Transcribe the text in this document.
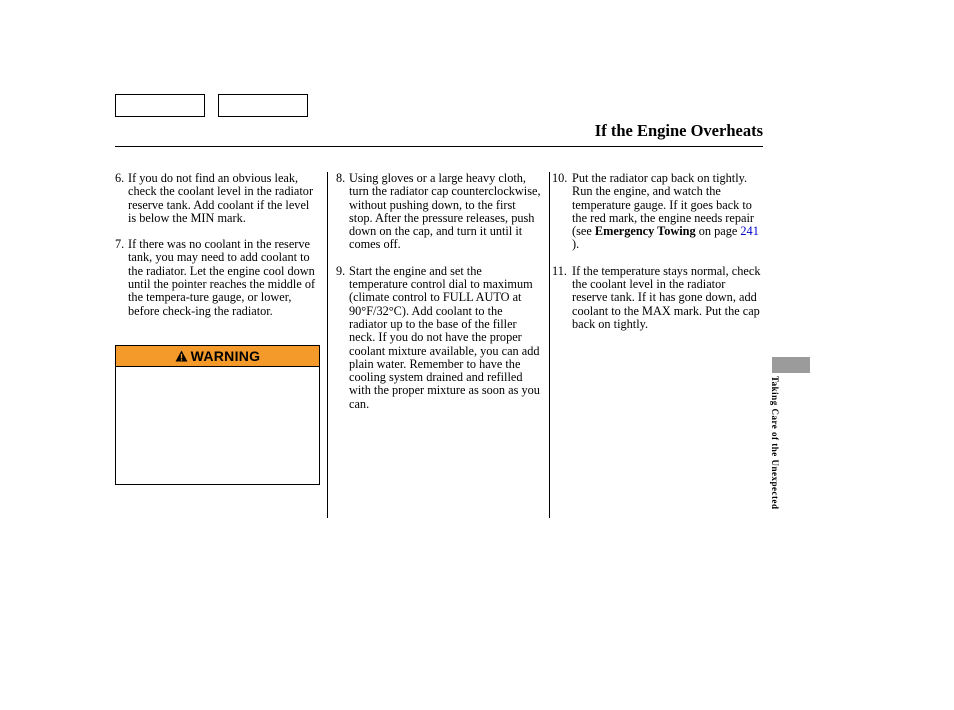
If the Engine Overheats
6. If you do not find an obvious leak, check the coolant level in the radiator reserve tank. Add coolant if the level is below the MIN mark.
7. If there was no coolant in the reserve tank, you may need to add coolant to the radiator. Let the engine cool down until the pointer reaches the middle of the tempera-ture gauge, or lower, before check-ing the radiator.
WARNING
8. Using gloves or a large heavy cloth, turn the radiator cap counterclockwise, without pushing down, to the first stop. After the pressure releases, push down on the cap, and turn it until it comes off.
9. Start the engine and set the temperature control dial to maximum (climate control to FULL AUTO at 90°F/32°C). Add coolant to the radiator up to the base of the filler neck. If you do not have the proper coolant mixture available, you can add plain water. Remember to have the cooling system drained and refilled with the proper mixture as soon as you can.
10. Put the radiator cap back on tightly. Run the engine, and watch the temperature gauge. If it goes back to the red mark, the engine needs repair (see Emergency Towing on page 241 ).
11. If the temperature stays normal, check the coolant level in the radiator reserve tank. If it has gone down, add coolant to the MAX mark. Put the cap back on tightly.
Taking Care of the Unexpected
